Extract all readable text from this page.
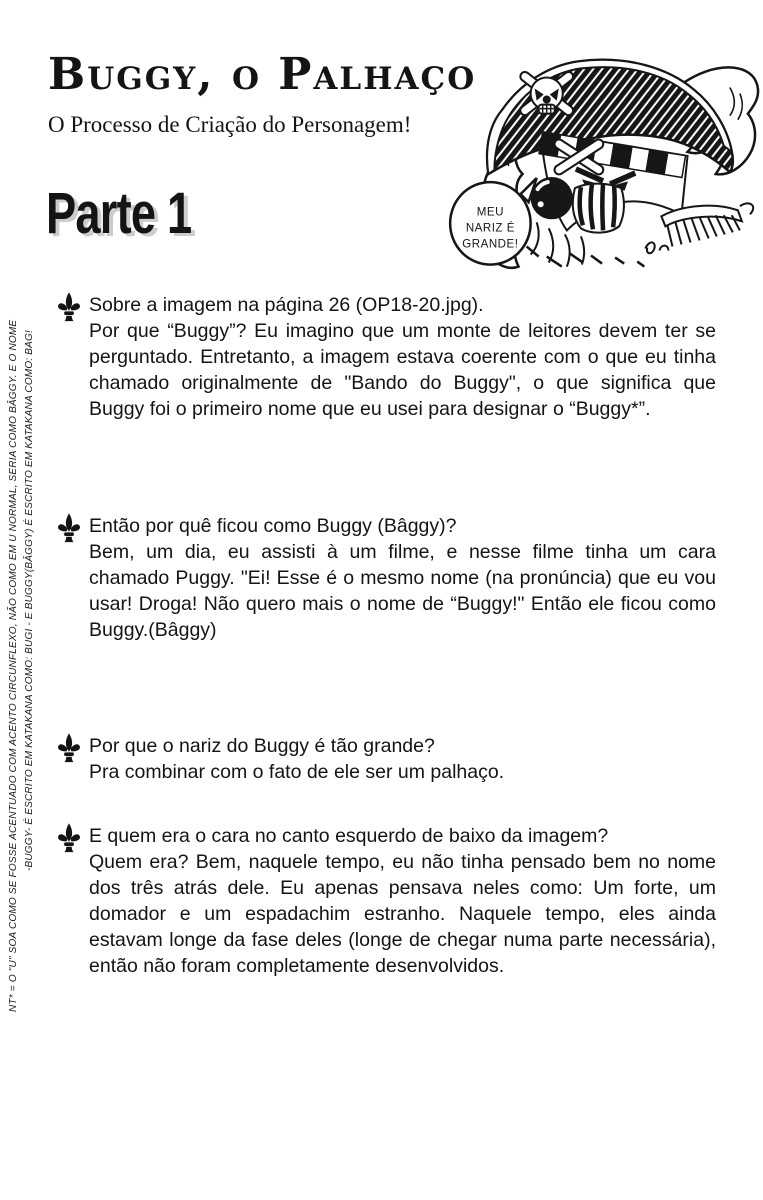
Buggy, o Palhaço
O Processo de Criação do Personagem!
Parte 1	MEU
NARIZ É
GRANDE!
Sobre a imagem na página 26 (OP18-20.jpg).
Por que “Buggy”? Eu imagino que um monte de leitores devem ter se perguntado. Entretanto, a imagem estava coerente com o que eu tinha chamado originalmente de "Bando do Buggy", o que significa que Buggy foi o primeiro nome que eu usei para designar o “Buggy*”.
Então por quê ficou como Buggy (Bâggy)?
Bem, um dia, eu assisti à um filme, e nesse filme tinha um cara chamado Puggy. "Ei! Esse é o mesmo nome (na pronúncia) que eu vou usar! Droga! Não quero mais o nome de “Buggy!" Então ele ficou como Buggy.(Bâggy)
Por que o nariz do Buggy é tão grande?
Pra combinar com o fato de ele ser um palhaço.
E quem era o cara no canto esquerdo de baixo da imagem?
Quem era? Bem, naquele tempo, eu não tinha pensado bem no nome dos três atrás dele. Eu apenas pensava neles como: Um forte, um domador e um espadachim estranho. Naquele tempo, eles ainda estavam longe da fase deles (longe de chegar numa parte necessária), então não foram completamente desenvolvidos.
NT* = O "U" SOA COMO SE FOSSE ACENTUADO COM ACENTO CIRCUNFLEXO, NÃO COMO EM U NORMAL, SERIA COMO BÂGGY. E O NOME -BUGGY- É ESCRITO EM KATAKANA COMO: BUGI - E BUGGY(BÂGGY) É ESCRITO EM KATAKANA COMO: BAG!
